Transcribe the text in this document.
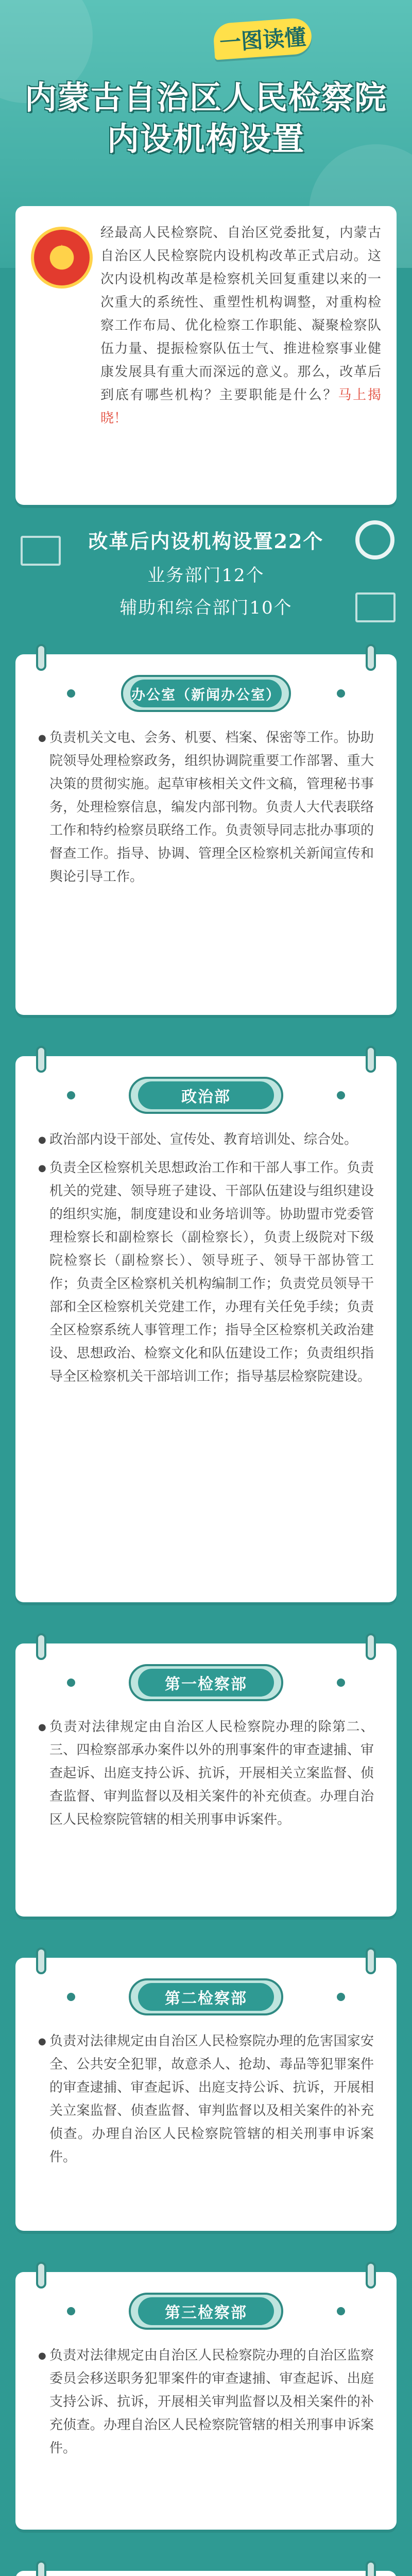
一图读懂
内蒙古自治区人民检察院
内设机构设置
★
经最高人民检察院、自治区党委批复，内蒙古自治区人民检察院内设机构改革正式启动。这次内设机构改革是检察机关回复重建以来的一次重大的系统性、重塑性机构调整，对重构检察工作布局、优化检察工作职能、凝聚检察队伍力量、提振检察队伍士气、推进检察事业健康发展具有重大而深远的意义。那么，改革后到底有哪些机构？主要职能是什么？马上揭晓！
改革后内设机构设置22个
业务部门12个
辅助和综合部门10个
办公室（新闻办公室）

● 负责机关文电、会务、机要、档案、保密等工作。协助院领导处理检察政务，组织协调院重要工作部署、重大决策的贯彻实施。起草审核相关文件文稿，管理秘书事务，处理检察信息，编发内部刊物。负责人大代表联络工作和特约检察员联络工作。负责领导同志批办事项的督查工作。指导、协调、管理全区检察机关新闻宣传和舆论引导工作。

政治部

● 政治部内设干部处、宣传处、教育培训处、综合处。

● 负责全区检察机关思想政治工作和干部人事工作。负责机关的党建、领导班子建设、干部队伍建设与组织建设的组织实施，制度建设和业务培训等。协助盟市党委管理检察长和副检察长（副检察长），负责上级院对下级院检察长（副检察长）、领导班子、领导干部协管工作；负责全区检察机关机构编制工作；负责党员领导干部和全区检察机关党建工作，办理有关任免手续；负责全区检察系统人事管理工作；指导全区检察机关政治建设、思想政治、检察文化和队伍建设工作；负责组织指导全区检察机关干部培训工作；指导基层检察院建设。

第一检察部

● 负责对法律规定由自治区人民检察院办理的除第二、三、四检察部承办案件以外的刑事案件的审查逮捕、审查起诉、出庭支持公诉、抗诉，开展相关立案监督、侦查监督、审判监督以及相关案件的补充侦查。办理自治区人民检察院管辖的相关刑事申诉案件。

第二检察部

● 负责对法律规定由自治区人民检察院办理的危害国家安全、公共安全犯罪，故意杀人、抢劫、毒品等犯罪案件的审查逮捕、审查起诉、出庭支持公诉、抗诉，开展相关立案监督、侦查监督、审判监督以及相关案件的补充侦查。办理自治区人民检察院管辖的相关刑事申诉案件。

第三检察部

● 负责对法律规定由自治区人民检察院办理的自治区监察委员会移送职务犯罪案件的审查逮捕、审查起诉、出庭支持公诉、抗诉，开展相关审判监督以及相关案件的补充侦查。办理自治区人民检察院管辖的相关刑事申诉案件。
